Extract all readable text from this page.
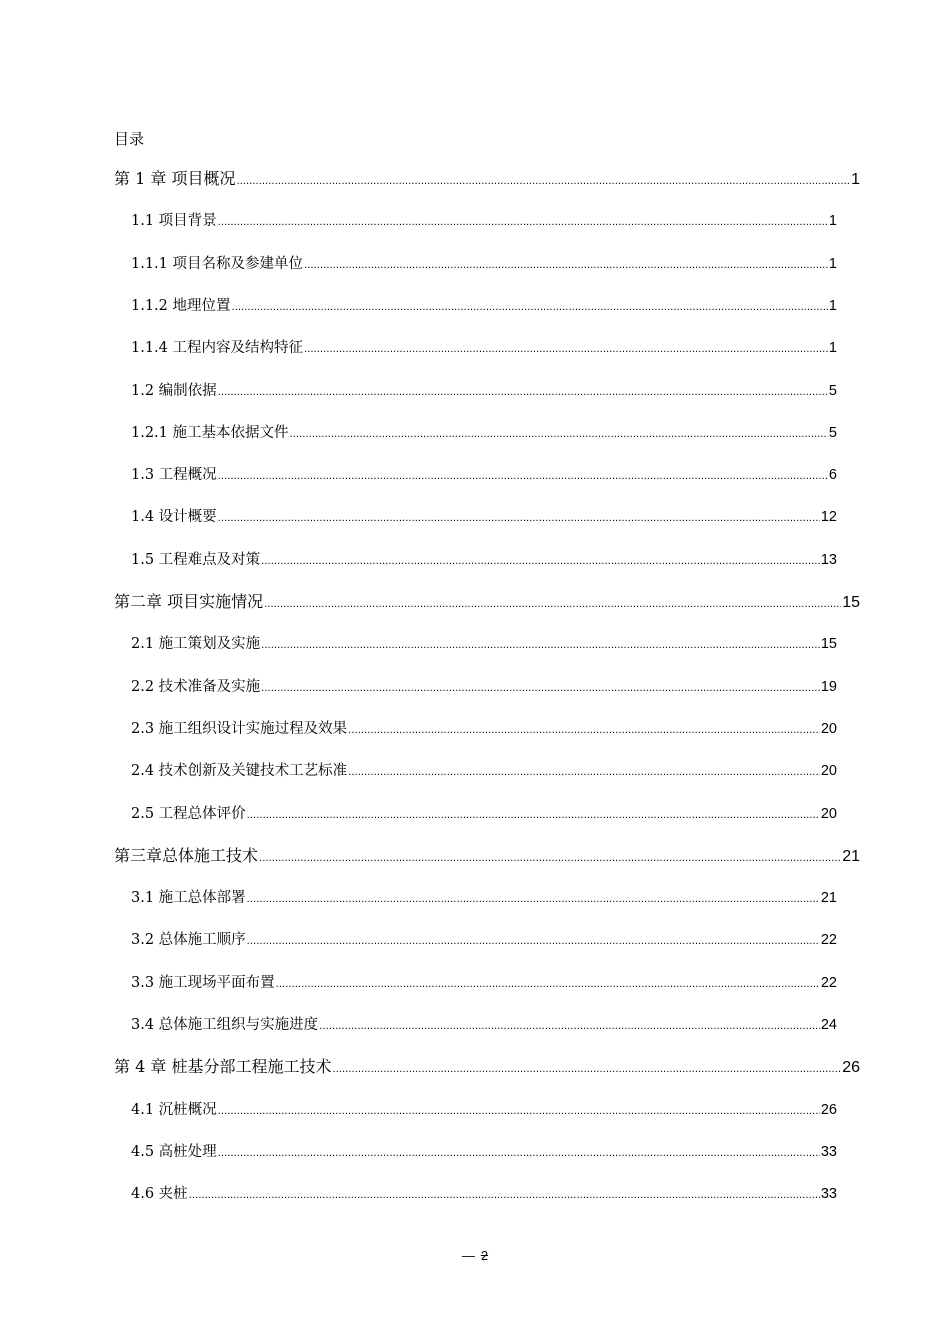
目录
第 1 章 项目概况 .....	1
1.1 项目背景 .....	1
1.1.1 项目名称及参建单位 .....	1
1.1.2 地理位置 .....	1
1.1.4 工程内容及结构特征 .....	1
1.2 编制依据 .....	5
1.2.1 施工基本依据文件 .....	5
1.3 工程概况 .....	6
1.4 设计概要 .....	12
1.5 工程难点及对策 .....	13
第二章 项目实施情况 .....	15
2.1 施工策划及实施 .....	15
2.2 技术准备及实施 .....	19
2.3 施工组织设计实施过程及效果 .....	20
2.4 技术创新及关键技术工艺标准 .....	20
2.5 工程总体评价 .....	20
第三章总体施工技术 .....	21
3.1 施工总体部署 .....	21
3.2 总体施工顺序 .....	22
3.3 施工现场平面布置 .....	22
3.4 总体施工组织与实施进度 .....	24
第 4 章 桩基分部工程施工技术 .....	26
4.1 沉桩概况 .....	26
4.5 高桩处理 .....	33
4.6 夹桩 .....	33
— 2
